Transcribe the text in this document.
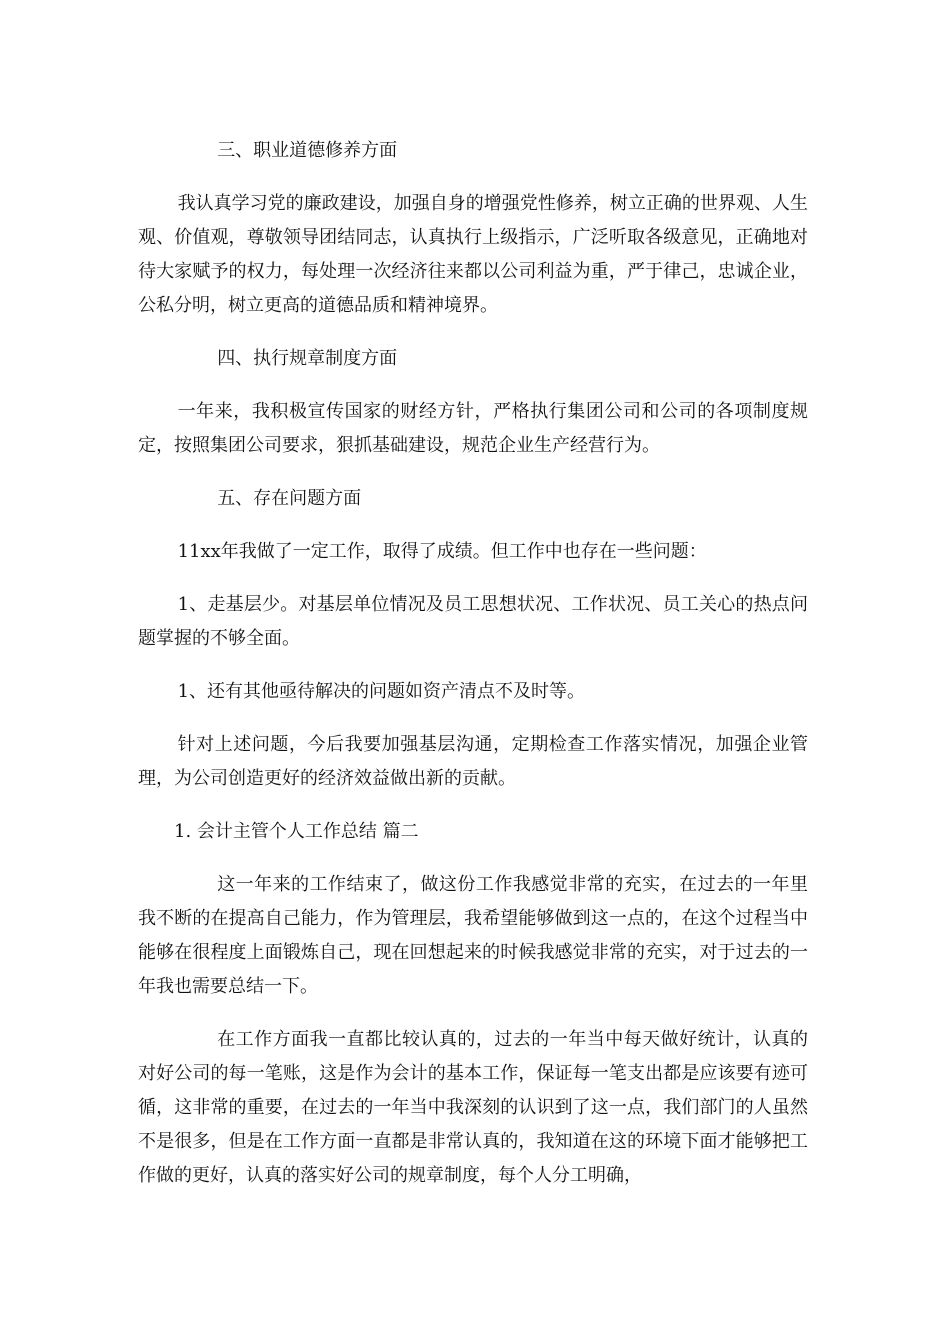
三、职业道德修养方面

我认真学习党的廉政建设，加强自身的增强党性修养，树立正确的世界观、人生观、价值观，尊敬领导团结同志，认真执行上级指示，广泛听取各级意见，正确地对待大家赋予的权力，每处理一次经济往来都以公司利益为重，严于律己，忠诚企业，公私分明，树立更高的道德品质和精神境界。

四、执行规章制度方面

一年来，我积极宣传国家的财经方针，严格执行集团公司和公司的各项制度规定，按照集团公司要求，狠抓基础建设，规范企业生产经营行为。

五、存在问题方面

11xx年我做了一定工作，取得了成绩。但工作中也存在一些问题：

1、走基层少。对基层单位情况及员工思想状况、工作状况、员工关心的热点问题掌握的不够全面。

1、还有其他亟待解决的问题如资产清点不及时等。

针对上述问题，今后我要加强基层沟通，定期检查工作落实情况，加强企业管理，为公司创造更好的经济效益做出新的贡献。

1. 会计主管个人工作总结 篇二

这一年来的工作结束了，做这份工作我感觉非常的充实，在过去的一年里我不断的在提高自己能力，作为管理层，我希望能够做到这一点的，在这个过程当中能够在很程度上面锻炼自己，现在回想起来的时候我感觉非常的充实，对于过去的一年我也需要总结一下。

在工作方面我一直都比较认真的，过去的一年当中每天做好统计，认真的对好公司的每一笔账，这是作为会计的基本工作，保证每一笔支出都是应该要有迹可循，这非常的重要，在过去的一年当中我深刻的认识到了这一点，我们部门的人虽然不是很多，但是在工作方面一直都是非常认真的，我知道在这的环境下面才能够把工作做的更好，认真的落实好公司的规章制度，每个人分工明确，
